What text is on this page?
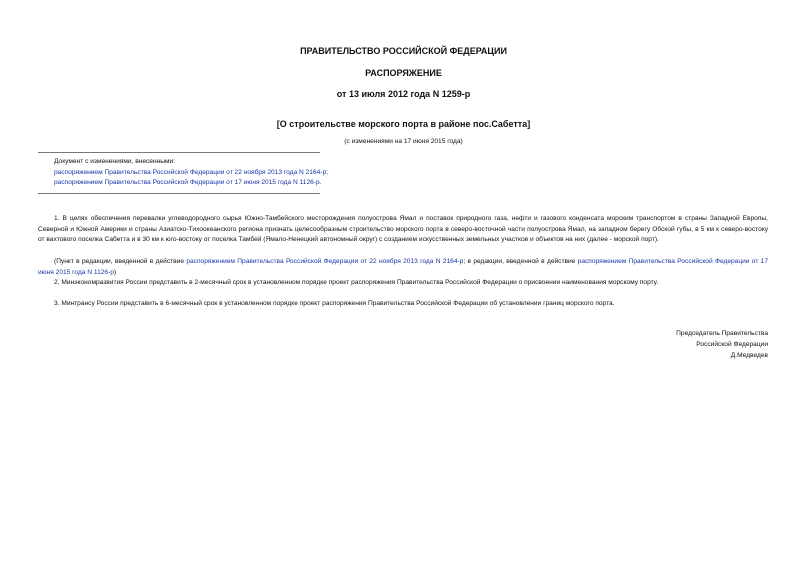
ПРАВИТЕЛЬСТВО РОССИЙСКОЙ ФЕДЕРАЦИИ
РАСПОРЯЖЕНИЕ
от 13 июля 2012 года N 1259-р
[О строительстве морского порта в районе пос.Сабетта]
(с изменениями на 17 июня 2015 года)
Документ с изменениями, внесенными:
распоряжением Правительства Российской Федерации от 22 ноября 2013 года N 2164-р;
распоряжением Правительства Российской Федерации от 17 июня 2015 года N 1126-р.
1. В целях обеспечения перевалки углеводородного сырья Южно-Тамбейского месторождения полуострова Ямал и поставок природного газа, нефти и газового конденсата морским транспортом в страны Западной Европы, Северной и Южной Америки и страны Азиатско-Тихоокеанского региона признать целесообразным строительство морского порта в северо-восточной части полуострова Ямал, на западном берегу Обской губы, в 5 км к северо-востоку от вахтового поселка Сабетта и в 30 км к юго-востоку от поселка Тамбей (Ямало-Ненецкий автономный округ) с созданием искусственных земельных участков и объектов на них (далее - морской порт).
(Пункт в редакции, введенной в действие распоряжением Правительства Российской Федерации от 22 ноября 2013 года N 2164-р; в редакции, введенной в действие распоряжением Правительства Российской Федерации от 17 июня 2015 года N 1126-р)
2. Минэкономразвития России представить в 2-месячный срок в установленном порядке проект распоряжения Правительства Российской Федерации о присвоении наименования морскому порту.
3. Минтрансу России представить в 6-месячный срок в установленном порядке проект распоряжения Правительства Российской Федерации об установлении границ морского порта.
Председатель Правительства
Российской Федерации
Д.Медведев
